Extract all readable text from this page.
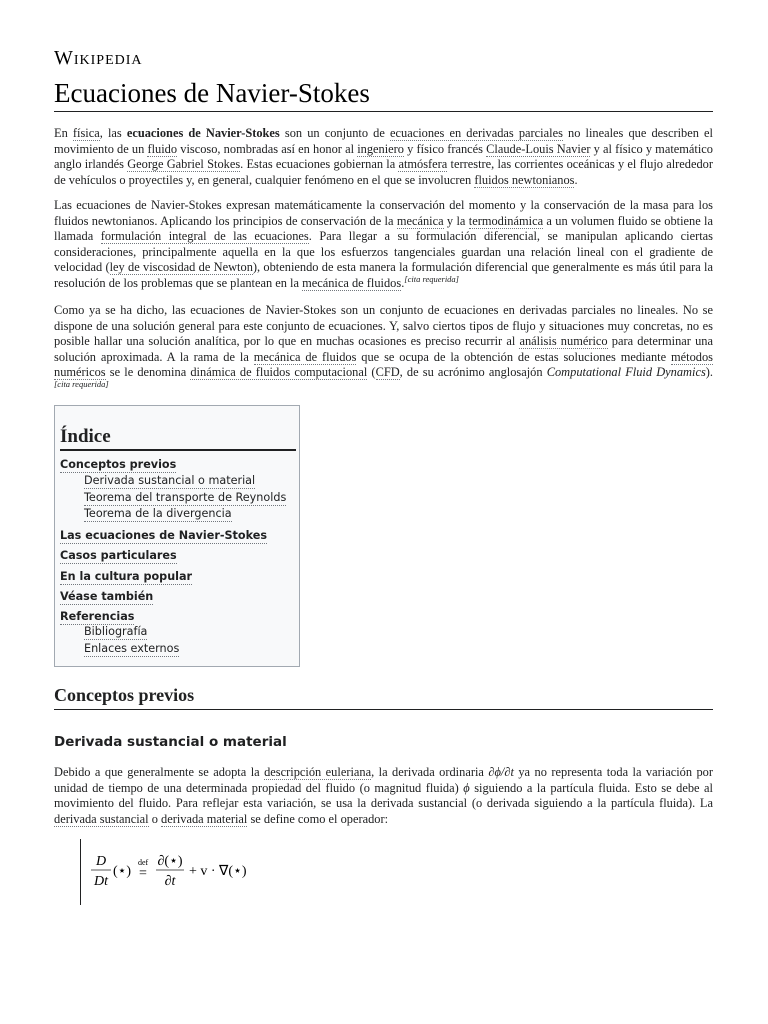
Wikipedia
Ecuaciones de Navier-Stokes

En física, las ecuaciones de Navier-Stokes son un conjunto de ecuaciones en derivadas parciales no lineales que describen el movimiento de un fluido viscoso, nombradas así en honor al ingeniero y físico francés Claude-Louis Navier y al físico y matemático anglo irlandés George Gabriel Stokes. Estas ecuaciones gobiernan la atmósfera terrestre, las corrientes oceánicas y el flujo alrededor de vehículos o proyectiles y, en general, cualquier fenómeno en el que se involucren fluidos newtonianos.

Las ecuaciones de Navier-Stokes expresan matemáticamente la conservación del momento y la conservación de la masa para los fluidos newtonianos. Aplicando los principios de conservación de la mecánica y la termodinámica a un volumen fluido se obtiene la llamada formulación integral de las ecuaciones. Para llegar a su formulación diferencial, se manipulan aplicando ciertas consideraciones, principalmente aquella en la que los esfuerzos tangenciales guardan una relación lineal con el gradiente de velocidad (ley de viscosidad de Newton), obteniendo de esta manera la formulación diferencial que generalmente es más útil para la resolución de los problemas que se plantean en la mecánica de fluidos.[cita requerida]

Como ya se ha dicho, las ecuaciones de Navier-Stokes son un conjunto de ecuaciones en derivadas parciales no lineales. No se dispone de una solución general para este conjunto de ecuaciones. Y, salvo ciertos tipos de flujo y situaciones muy concretas, no es posible hallar una solución analítica, por lo que en muchas ocasiones es preciso recurrir al análisis numérico para determinar una solución aproximada. A la rama de la mecánica de fluidos que se ocupa de la obtención de estas soluciones mediante métodos numéricos se le denomina dinámica de fluidos computacional (CFD, de su acrónimo anglosajón Computational Fluid Dynamics).[cita requerida]

Índice
Conceptos previos
Derivada sustancial o material
Teorema del transporte de Reynolds
Teorema de la divergencia
Las ecuaciones de Navier-Stokes
Casos particulares
En la cultura popular
Véase también
Referencias
Bibliografía
Enlaces externos
Conceptos previos
Derivada sustancial o material

Debido a que generalmente se adopta la descripción euleriana, la derivada ordinaria ∂ϕ/∂t ya no representa toda la variación por unidad de tiempo de una determinada propiedad del fluido (o magnitud fluida) ϕ siguiendo a la partícula fluida. Esto se debe al movimiento del fluido. Para reflejar esta variación, se usa la derivada sustancial (o derivada siguiendo a la partícula fluida). La derivada sustancial o derivada material se define como el operador:

D
Dt
(⋆)
def
=
∂(⋆)
∂t
+ v · ∇(⋆)
